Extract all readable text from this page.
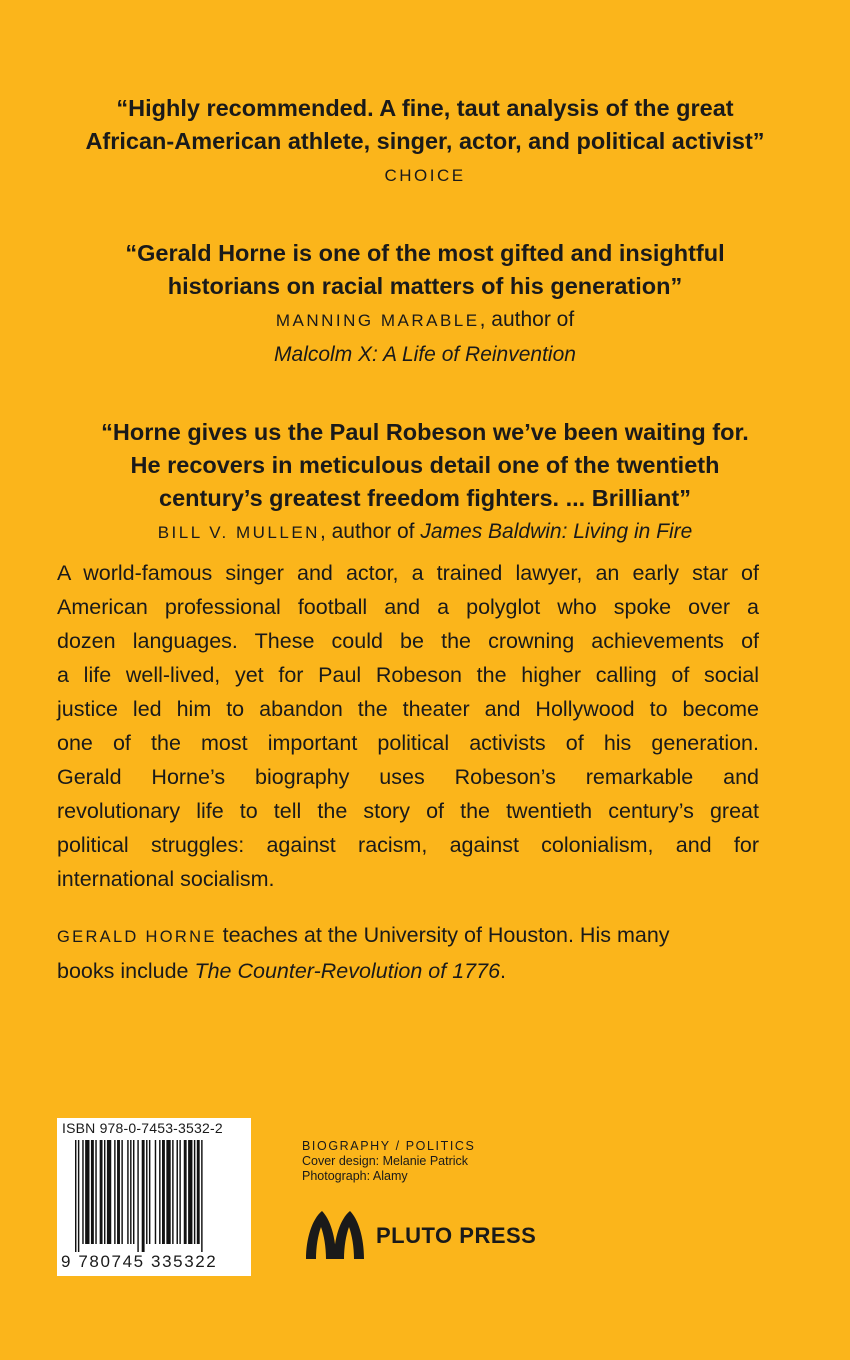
“Highly recommended. A fine, taut analysis of the great
African-American athlete, singer, actor, and political activist”

CHOICE

“Gerald Horne is one of the most gifted and insightful
historians on racial matters of his generation”

MANNING MARABLE, author of
Malcolm X: A Life of Reinvention

“Horne gives us the Paul Robeson we’ve been waiting for.
He recovers in meticulous detail one of the twentieth
century’s greatest freedom fighters. ... Brilliant”

BILL V. MULLEN, author of James Baldwin: Living in Fire

A world-famous singer and actor, a trained lawyer, an early star of
American professional football and a polyglot who spoke over a
dozen languages. These could be the crowning achievements of
a life well-lived, yet for Paul Robeson the higher calling of social
justice led him to abandon the theater and Hollywood to become
one of the most important political activists of his generation.
Gerald Horne’s biography uses Robeson’s remarkable and
revolutionary life to tell the story of the twentieth century’s great
political struggles: against racism, against colonialism, and for
international socialism.

GERALD HORNE teaches at the University of Houston. His many
books include The Counter-Revolution of 1776.

ISBN 978-0-7453-3532-2
9 780745 335322
BIOGRAPHY / POLITICS
Cover design: Melanie Patrick
Photograph: Alamy
PLUTO PRESS
